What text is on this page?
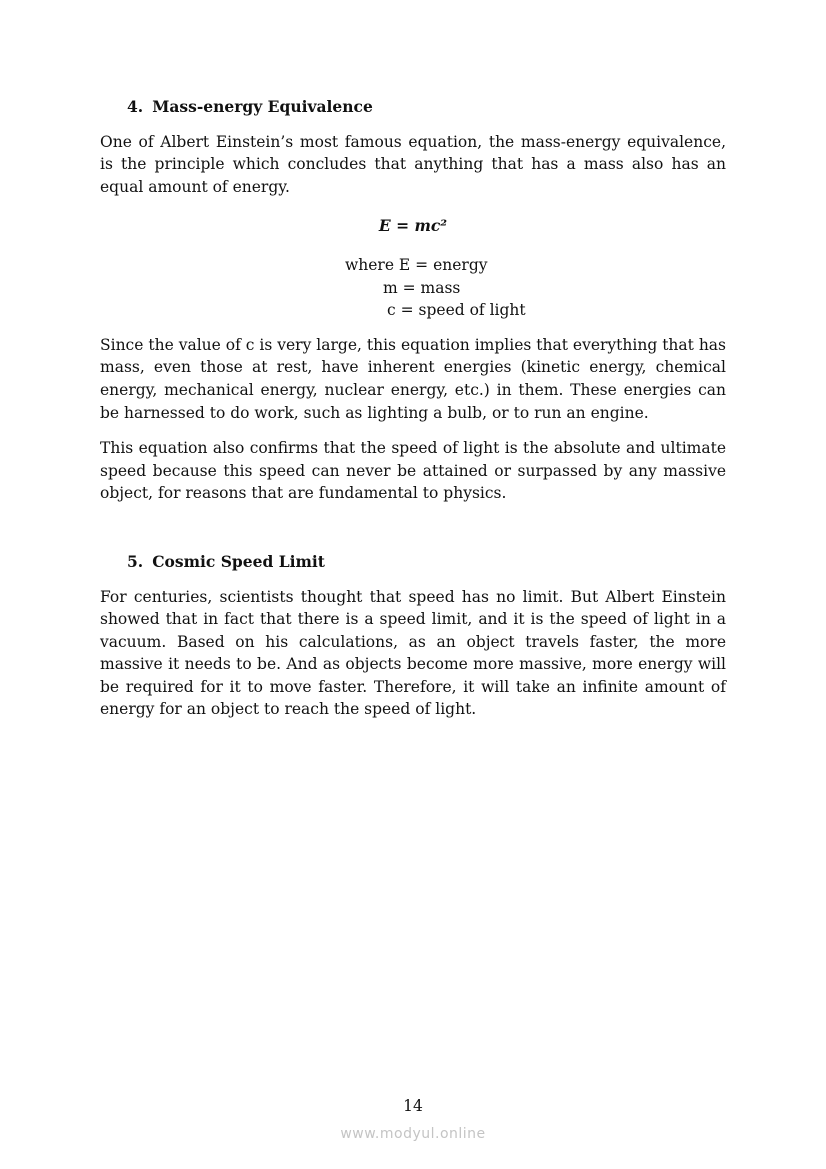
4. Mass-energy Equivalence

One of Albert Einstein’s most famous equation, the mass-energy equivalence, is the principle which concludes that anything that has a mass also has an equal amount of energy.

E = mc²
where E = energy
m = mass
c = speed of light

Since the value of c is very large, this equation implies that everything that has mass, even those at rest, have inherent energies (kinetic energy, chemical energy, mechanical energy, nuclear energy, etc.) in them. These energies can be harnessed to do work, such as lighting a bulb, or to run an engine.

This equation also confirms that the speed of light is the absolute and ultimate speed because this speed can never be attained or surpassed by any massive object, for reasons that are fundamental to physics.

5. Cosmic Speed Limit

For centuries, scientists thought that speed has no limit. But Albert Einstein showed that in fact that there is a speed limit, and it is the speed of light in a vacuum. Based on his calculations, as an object travels faster, the more massive it needs to be. And as objects become more massive, more energy will be required for it to move faster. Therefore, it will take an infinite amount of energy for an object to reach the speed of light.

14
www.modyul.online
